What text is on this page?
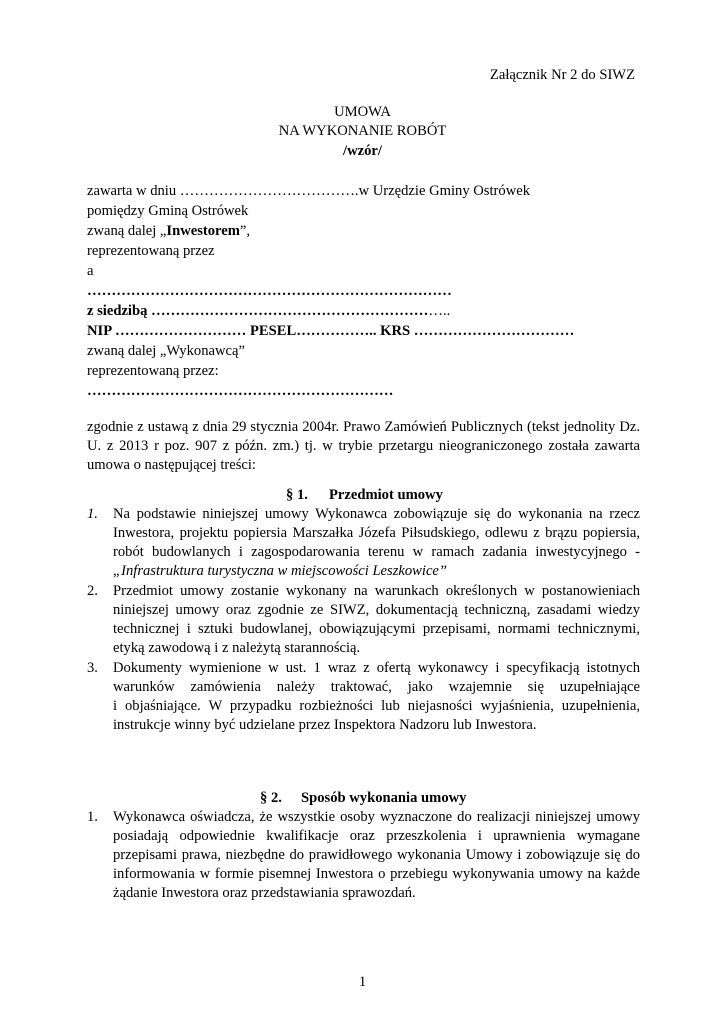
Załącznik Nr 2 do SIWZ
UMOWA
NA WYKONANIE ROBÓT
/wzór/
zawarta w dniu ……………………………….w Urzędzie Gminy Ostrówek
pomiędzy Gminą Ostrówek
zwaną dalej „Inwestorem”,
reprezentowaną przez
a
…………………………………………………………………
z siedzibą ……………………………………………………..
NIP ……………………… PESEL…………….. KRS ……………………………
zwaną dalej „Wykonawcą”
reprezentowaną przez:
………………………………………………………
zgodnie z ustawą z dnia 29 stycznia 2004r. Prawo Zamówień Publicznych (tekst jednolity Dz.
U. z 2013 r poz. 907 z późn. zm.) tj. w trybie przetargu nieograniczonego została zawarta
umowa o następującej treści:
§ 1. Przedmiot umowy
1. Na podstawie niniejszej umowy Wykonawca zobowiązuje się do wykonania na rzecz
Inwestora, projektu popiersia Marszałka Józefa Piłsudskiego, odlewu z brązu popiersia,
robót budowlanych i zagospodarowania terenu w ramach zadania inwestycyjnego -
„Infrastruktura turystyczna w miejscowości Leszkowice”
2. Przedmiot umowy zostanie wykonany na warunkach określonych w postanowieniach
niniejszej umowy oraz zgodnie ze SIWZ, dokumentacją techniczną, zasadami wiedzy
technicznej i sztuki budowlanej, obowiązującymi przepisami, normami technicznymi,
etyką zawodową i z należytą starannością.
3. Dokumenty wymienione w ust. 1 wraz z ofertą wykonawcy i specyfikacją istotnych
warunków zamówienia należy traktować, jako wzajemnie się uzupełniające
i objaśniające. W przypadku rozbieżności lub niejasności wyjaśnienia, uzupełnienia,
instrukcje winny być udzielane przez Inspektora Nadzoru lub Inwestora.
§ 2. Sposób wykonania umowy
1. Wykonawca oświadcza, że wszystkie osoby wyznaczone do realizacji niniejszej umowy
posiadają odpowiednie kwalifikacje oraz przeszkolenia i uprawnienia wymagane
przepisami prawa, niezbędne do prawidłowego wykonania Umowy i zobowiązuje się do
informowania w formie pisemnej Inwestora o przebiegu wykonywania umowy na każde
żądanie Inwestora oraz przedstawiania sprawozdań.
1
